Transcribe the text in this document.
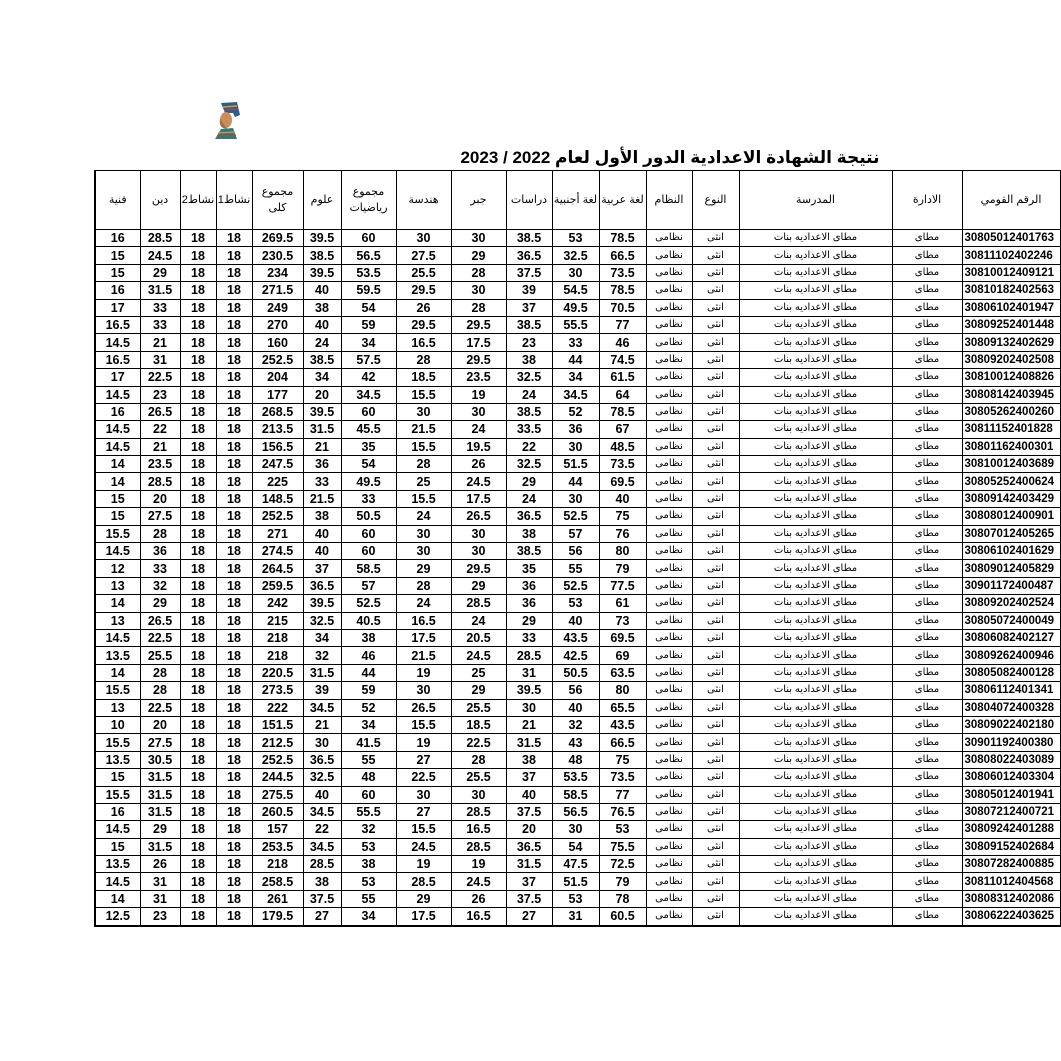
نتيجة الشهادة الاعدادية الدور الأول لعام 2022 / 2023
الرقم القومي	الادارة	المدرسة	النوع	النظام	لغة عربية	لغة أجنبية	دراسات	جبر	هندسة	مجموع رياضيات	علوم	مجموع كلى	نشاط1	نشاط2	دين	فنية
30805012401763	مطاى	مطاى الاعداديه بنات	انثى	نظامى	78.5	53	38.5	30	30	60	39.5	269.5	18	18	28.5	16
30811102402246	مطاى	مطاى الاعداديه بنات	انثى	نظامى	66.5	32.5	36.5	29	27.5	56.5	38.5	230.5	18	18	24.5	15
30810012409121	مطاى	مطاى الاعداديه بنات	انثى	نظامى	73.5	30	37.5	28	25.5	53.5	39.5	234	18	18	29	15
30810182402563	مطاى	مطاى الاعداديه بنات	انثى	نظامى	78.5	54.5	39	30	29.5	59.5	40	271.5	18	18	31.5	16
30806102401947	مطاى	مطاى الاعداديه بنات	انثى	نظامى	70.5	49.5	37	28	26	54	38	249	18	18	33	17
30809252401448	مطاى	مطاى الاعداديه بنات	انثى	نظامى	77	55.5	38.5	29.5	29.5	59	40	270	18	18	33	16.5
30809132402629	مطاى	مطاى الاعداديه بنات	انثى	نظامى	46	33	23	17.5	16.5	34	24	160	18	18	21	14.5
30809202402508	مطاى	مطاى الاعداديه بنات	انثى	نظامى	74.5	44	38	29.5	28	57.5	38.5	252.5	18	18	31	16.5
30810012408826	مطاى	مطاى الاعداديه بنات	انثى	نظامى	61.5	34	32.5	23.5	18.5	42	34	204	18	18	22.5	17
30808142403945	مطاى	مطاى الاعداديه بنات	انثى	نظامى	64	34.5	24	19	15.5	34.5	20	177	18	18	23	14.5
30805262400260	مطاى	مطاى الاعداديه بنات	انثى	نظامى	78.5	52	38.5	30	30	60	39.5	268.5	18	18	26.5	16
30811152401828	مطاى	مطاى الاعداديه بنات	انثى	نظامى	67	36	33.5	24	21.5	45.5	31.5	213.5	18	18	22	14.5
30801162400301	مطاى	مطاى الاعداديه بنات	انثى	نظامى	48.5	30	22	19.5	15.5	35	21	156.5	18	18	21	14.5
30810012403689	مطاى	مطاى الاعداديه بنات	انثى	نظامى	73.5	51.5	32.5	26	28	54	36	247.5	18	18	23.5	14
30805252400624	مطاى	مطاى الاعداديه بنات	انثى	نظامى	69.5	44	29	24.5	25	49.5	33	225	18	18	28.5	14
30809142403429	مطاى	مطاى الاعداديه بنات	انثى	نظامى	40	30	24	17.5	15.5	33	21.5	148.5	18	18	20	15
30808012400901	مطاى	مطاى الاعداديه بنات	انثى	نظامى	75	52.5	36.5	26.5	24	50.5	38	252.5	18	18	27.5	15
30807012405265	مطاى	مطاى الاعداديه بنات	انثى	نظامى	76	57	38	30	30	60	40	271	18	18	28	15.5
30806102401629	مطاى	مطاى الاعداديه بنات	انثى	نظامى	80	56	38.5	30	30	60	40	274.5	18	18	36	14.5
30809012405829	مطاى	مطاى الاعداديه بنات	انثى	نظامى	79	55	35	29.5	29	58.5	37	264.5	18	18	33	12
30901172400487	مطاى	مطاى الاعداديه بنات	انثى	نظامى	77.5	52.5	36	29	28	57	36.5	259.5	18	18	32	13
30809202402524	مطاى	مطاى الاعداديه بنات	انثى	نظامى	61	53	36	28.5	24	52.5	39.5	242	18	18	29	14
30805072400049	مطاى	مطاى الاعداديه بنات	انثى	نظامى	73	40	29	24	16.5	40.5	32.5	215	18	18	26.5	13
30806082402127	مطاى	مطاى الاعداديه بنات	انثى	نظامى	69.5	43.5	33	20.5	17.5	38	34	218	18	18	22.5	14.5
30809262400946	مطاى	مطاى الاعداديه بنات	انثى	نظامى	69	42.5	28.5	24.5	21.5	46	32	218	18	18	25.5	13.5
30805082400128	مطاى	مطاى الاعداديه بنات	انثى	نظامى	63.5	50.5	31	25	19	44	31.5	220.5	18	18	28	14
30806112401341	مطاى	مطاى الاعداديه بنات	انثى	نظامى	80	56	39.5	29	30	59	39	273.5	18	18	28	15.5
30804072400328	مطاى	مطاى الاعداديه بنات	انثى	نظامى	65.5	40	30	25.5	26.5	52	34.5	222	18	18	22.5	13
30809022402180	مطاى	مطاى الاعداديه بنات	انثى	نظامى	43.5	32	21	18.5	15.5	34	21	151.5	18	18	20	10
30901192400380	مطاى	مطاى الاعداديه بنات	انثى	نظامى	66.5	43	31.5	22.5	19	41.5	30	212.5	18	18	27.5	15.5
30808022403089	مطاى	مطاى الاعداديه بنات	انثى	نظامى	75	48	38	28	27	55	36.5	252.5	18	18	30.5	13.5
30806012403304	مطاى	مطاى الاعداديه بنات	انثى	نظامى	73.5	53.5	37	25.5	22.5	48	32.5	244.5	18	18	31.5	15
30805012401941	مطاى	مطاى الاعداديه بنات	انثى	نظامى	77	58.5	40	30	30	60	40	275.5	18	18	31.5	15.5
30807212400721	مطاى	مطاى الاعداديه بنات	انثى	نظامى	76.5	56.5	37.5	28.5	27	55.5	34.5	260.5	18	18	31.5	16
30809242401288	مطاى	مطاى الاعداديه بنات	انثى	نظامى	53	30	20	16.5	15.5	32	22	157	18	18	29	14.5
30809152402684	مطاى	مطاى الاعداديه بنات	انثى	نظامى	75.5	54	36.5	28.5	24.5	53	34.5	253.5	18	18	31.5	15
30807282400885	مطاى	مطاى الاعداديه بنات	انثى	نظامى	72.5	47.5	31.5	19	19	38	28.5	218	18	18	26	13.5
30811012404568	مطاى	مطاى الاعداديه بنات	انثى	نظامى	79	51.5	37	24.5	28.5	53	38	258.5	18	18	31	14.5
30808312402086	مطاى	مطاى الاعداديه بنات	انثى	نظامى	78	53	37.5	26	29	55	37.5	261	18	18	31	14
30806222403625	مطاى	مطاى الاعداديه بنات	انثى	نظامى	60.5	31	27	16.5	17.5	34	27	179.5	18	18	23	12.5
